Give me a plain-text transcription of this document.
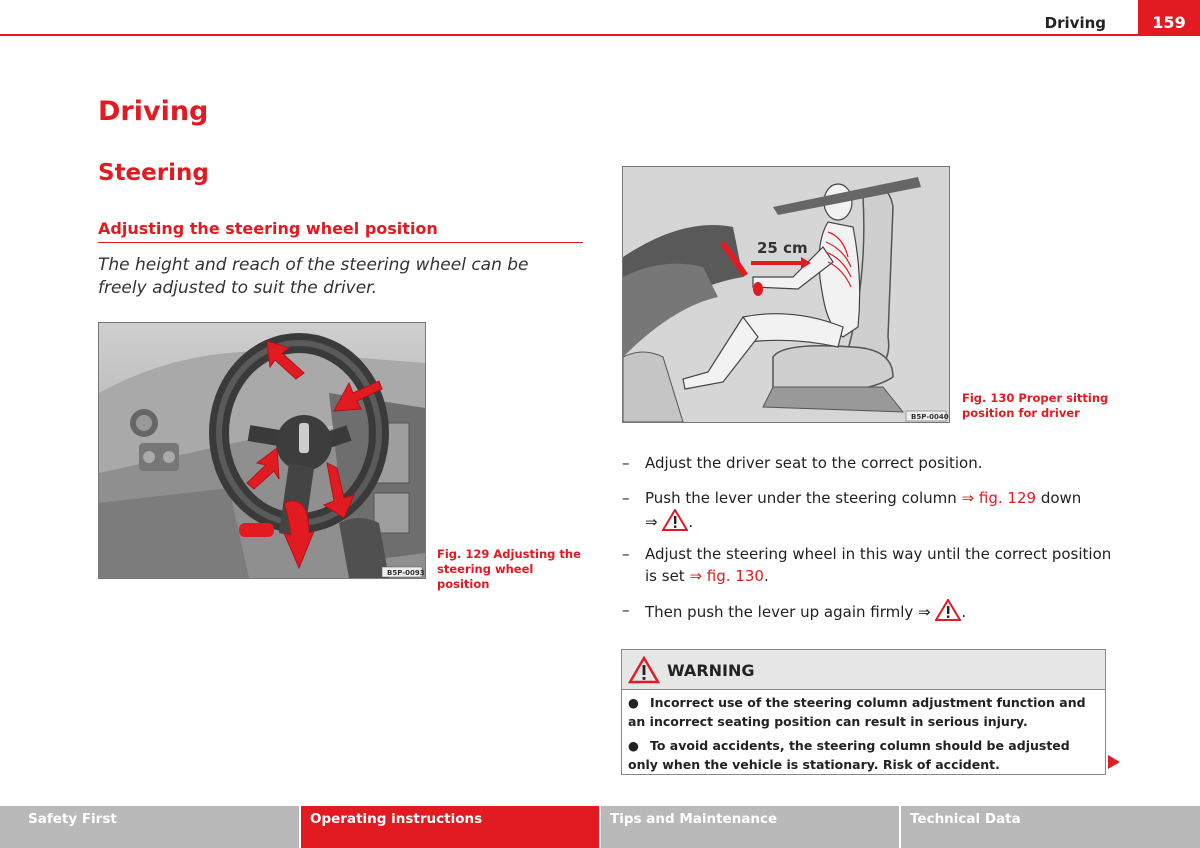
Driving	159
Driving
Steering
Adjusting the steering wheel position
The height and reach of the steering wheel can be freely adjusted to suit the driver.
B5P-0093
Fig. 129 Adjusting the steering wheel position
25 cm
B5P-0040
Fig. 130 Proper sitting position for driver
– Adjust the driver seat to the correct position.
– Push the lever under the steering column ⇒ fig. 129 down
⇒ .
– Adjust the steering wheel in this way until the correct position is set ⇒ fig. 130.
– Then push the lever up again firmly ⇒ .
WARNING
● Incorrect use of the steering column adjustment function and an incorrect seating position can result in serious injury.
● To avoid accidents, the steering column should be adjusted only when the vehicle is stationary. Risk of accident.
Safety First	Operating instructions	Tips and Maintenance	Technical Data
